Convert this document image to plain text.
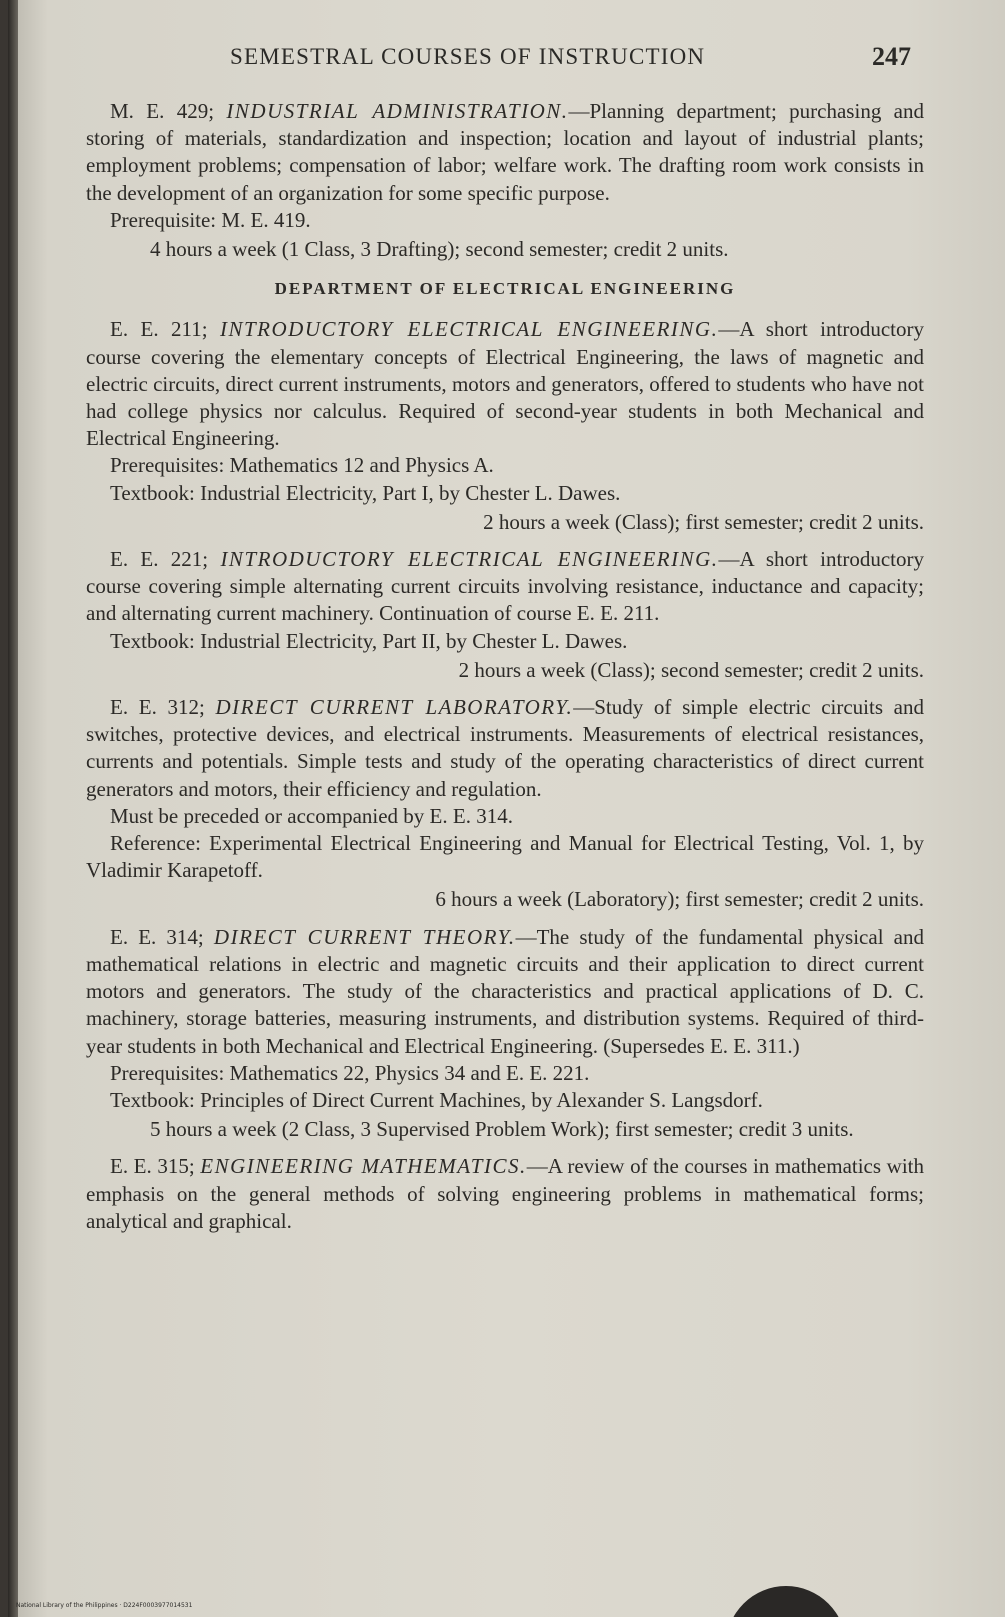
SEMESTRAL COURSES OF INSTRUCTION	247

M. E. 429; INDUSTRIAL ADMINISTRATION.—Planning department; purchasing and storing of materials, standardization and inspection; location and layout of industrial plants; employment problems; compensation of labor; welfare work. The drafting room work consists in the development of an organization for some specific purpose.

Prerequisite: M. E. 419.

4 hours a week (1 Class, 3 Drafting); second semester; credit 2 units.

DEPARTMENT OF ELECTRICAL ENGINEERING

E. E. 211; INTRODUCTORY ELECTRICAL ENGINEERING.—A short introductory course covering the elementary concepts of Electrical Engineering, the laws of magnetic and electric circuits, direct current instruments, motors and generators, offered to students who have not had college physics nor calculus. Required of second-year students in both Mechanical and Electrical Engineering.

Prerequisites: Mathematics 12 and Physics A.

Textbook: Industrial Electricity, Part I, by Chester L. Dawes.

2 hours a week (Class); first semester; credit 2 units.

E. E. 221; INTRODUCTORY ELECTRICAL ENGINEERING.—A short introductory course covering simple alternating current circuits involving resistance, inductance and capacity; and alternating current machinery. Continuation of course E. E. 211.

Textbook: Industrial Electricity, Part II, by Chester L. Dawes.

2 hours a week (Class); second semester; credit 2 units.

E. E. 312; DIRECT CURRENT LABORATORY.—Study of simple electric circuits and switches, protective devices, and electrical instruments. Measurements of electrical resistances, currents and potentials. Simple tests and study of the operating characteristics of direct current generators and motors, their efficiency and regulation.

Must be preceded or accompanied by E. E. 314.

Reference: Experimental Electrical Engineering and Manual for Electrical Testing, Vol. 1, by Vladimir Karapetoff.

6 hours a week (Laboratory); first semester; credit 2 units.

E. E. 314; DIRECT CURRENT THEORY.—The study of the fundamental physical and mathematical relations in electric and magnetic circuits and their application to direct current motors and generators. The study of the characteristics and practical applications of D. C. machinery, storage batteries, measuring instruments, and distribution systems. Required of third-year students in both Mechanical and Electrical Engineering. (Supersedes E. E. 311.)

Prerequisites: Mathematics 22, Physics 34 and E. E. 221.

Textbook: Principles of Direct Current Machines, by Alexander S. Langsdorf.

5 hours a week (2 Class, 3 Supervised Problem Work); first semester; credit 3 units.

E. E. 315; ENGINEERING MATHEMATICS.—A review of the courses in mathematics with emphasis on the general methods of solving engineering problems in mathematical forms; analytical and graphical.

National Library of the Philippines · D224F0003977014531
